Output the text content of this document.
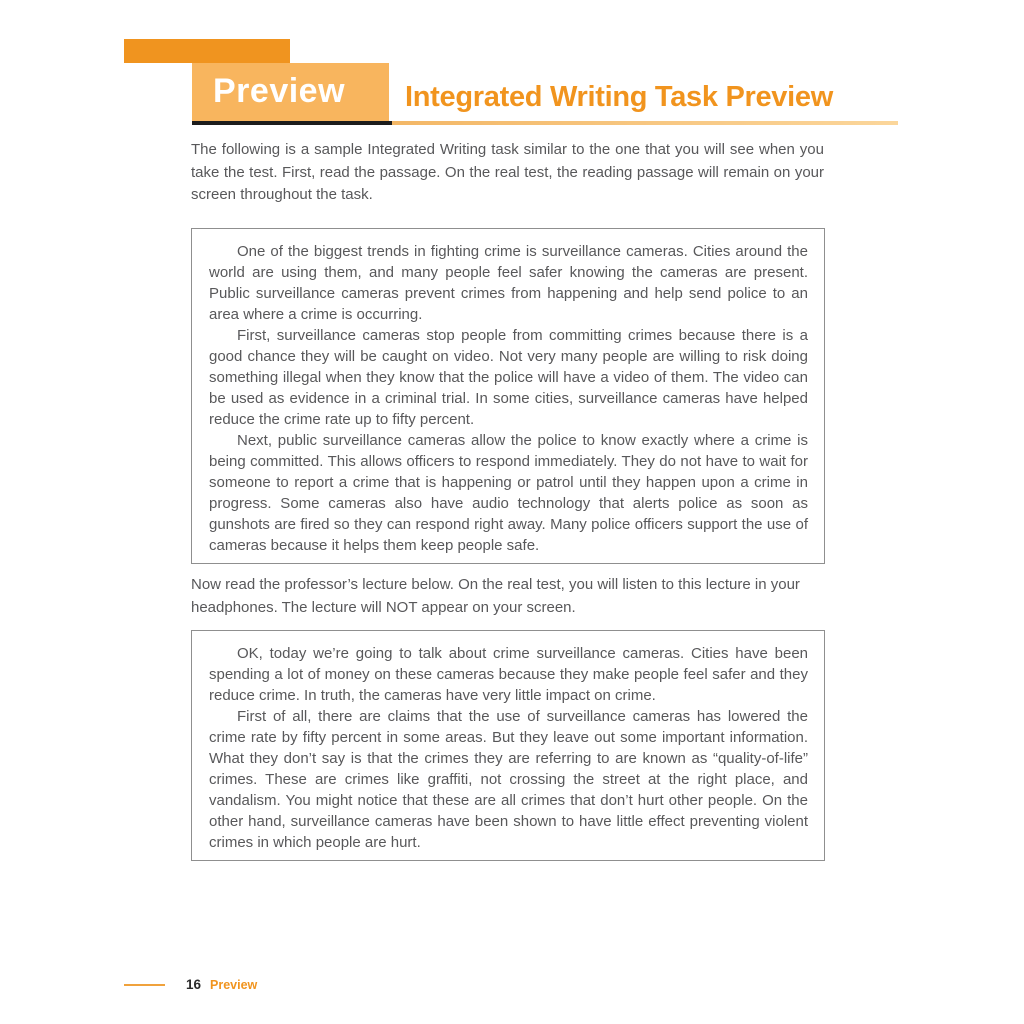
Preview	Integrated Writing Task Preview

The following is a sample Integrated Writing task similar to the one that you will see when you take the test. First, read the passage. On the real test, the reading passage will remain on your screen throughout the task.

One of the biggest trends in fighting crime is surveillance cameras. Cities around the world are using them, and many people feel safer knowing the cameras are present. Public surveillance cameras prevent crimes from happening and help send police to an area where a crime is occurring.

First, surveillance cameras stop people from committing crimes because there is a good chance they will be caught on video. Not very many people are willing to risk doing something illegal when they know that the police will have a video of them. The video can be used as evidence in a criminal trial. In some cities, surveillance cameras have helped reduce the crime rate up to fifty percent.

Next, public surveillance cameras allow the police to know exactly where a crime is being committed. This allows officers to respond immediately. They do not have to wait for someone to report a crime that is happening or patrol until they happen upon a crime in progress. Some cameras also have audio technology that alerts police as soon as gunshots are fired so they can respond right away. Many police officers support the use of cameras because it helps them keep people safe.

Now read the professor’s lecture below. On the real test, you will listen to this lecture in your headphones. The lecture will NOT appear on your screen.

OK, today we’re going to talk about crime surveillance cameras. Cities have been spending a lot of money on these cameras because they make people feel safer and they reduce crime. In truth, the cameras have very little impact on crime.

First of all, there are claims that the use of surveillance cameras has lowered the crime rate by fifty percent in some areas. But they leave out some important information. What they don’t say is that the crimes they are referring to are known as “quality-of-life” crimes. These are crimes like graffiti, not crossing the street at the right place, and vandalism. You might notice that these are all crimes that don’t hurt other people. On the other hand, surveillance cameras have been shown to have little effect preventing violent crimes in which people are hurt.

16 Preview
